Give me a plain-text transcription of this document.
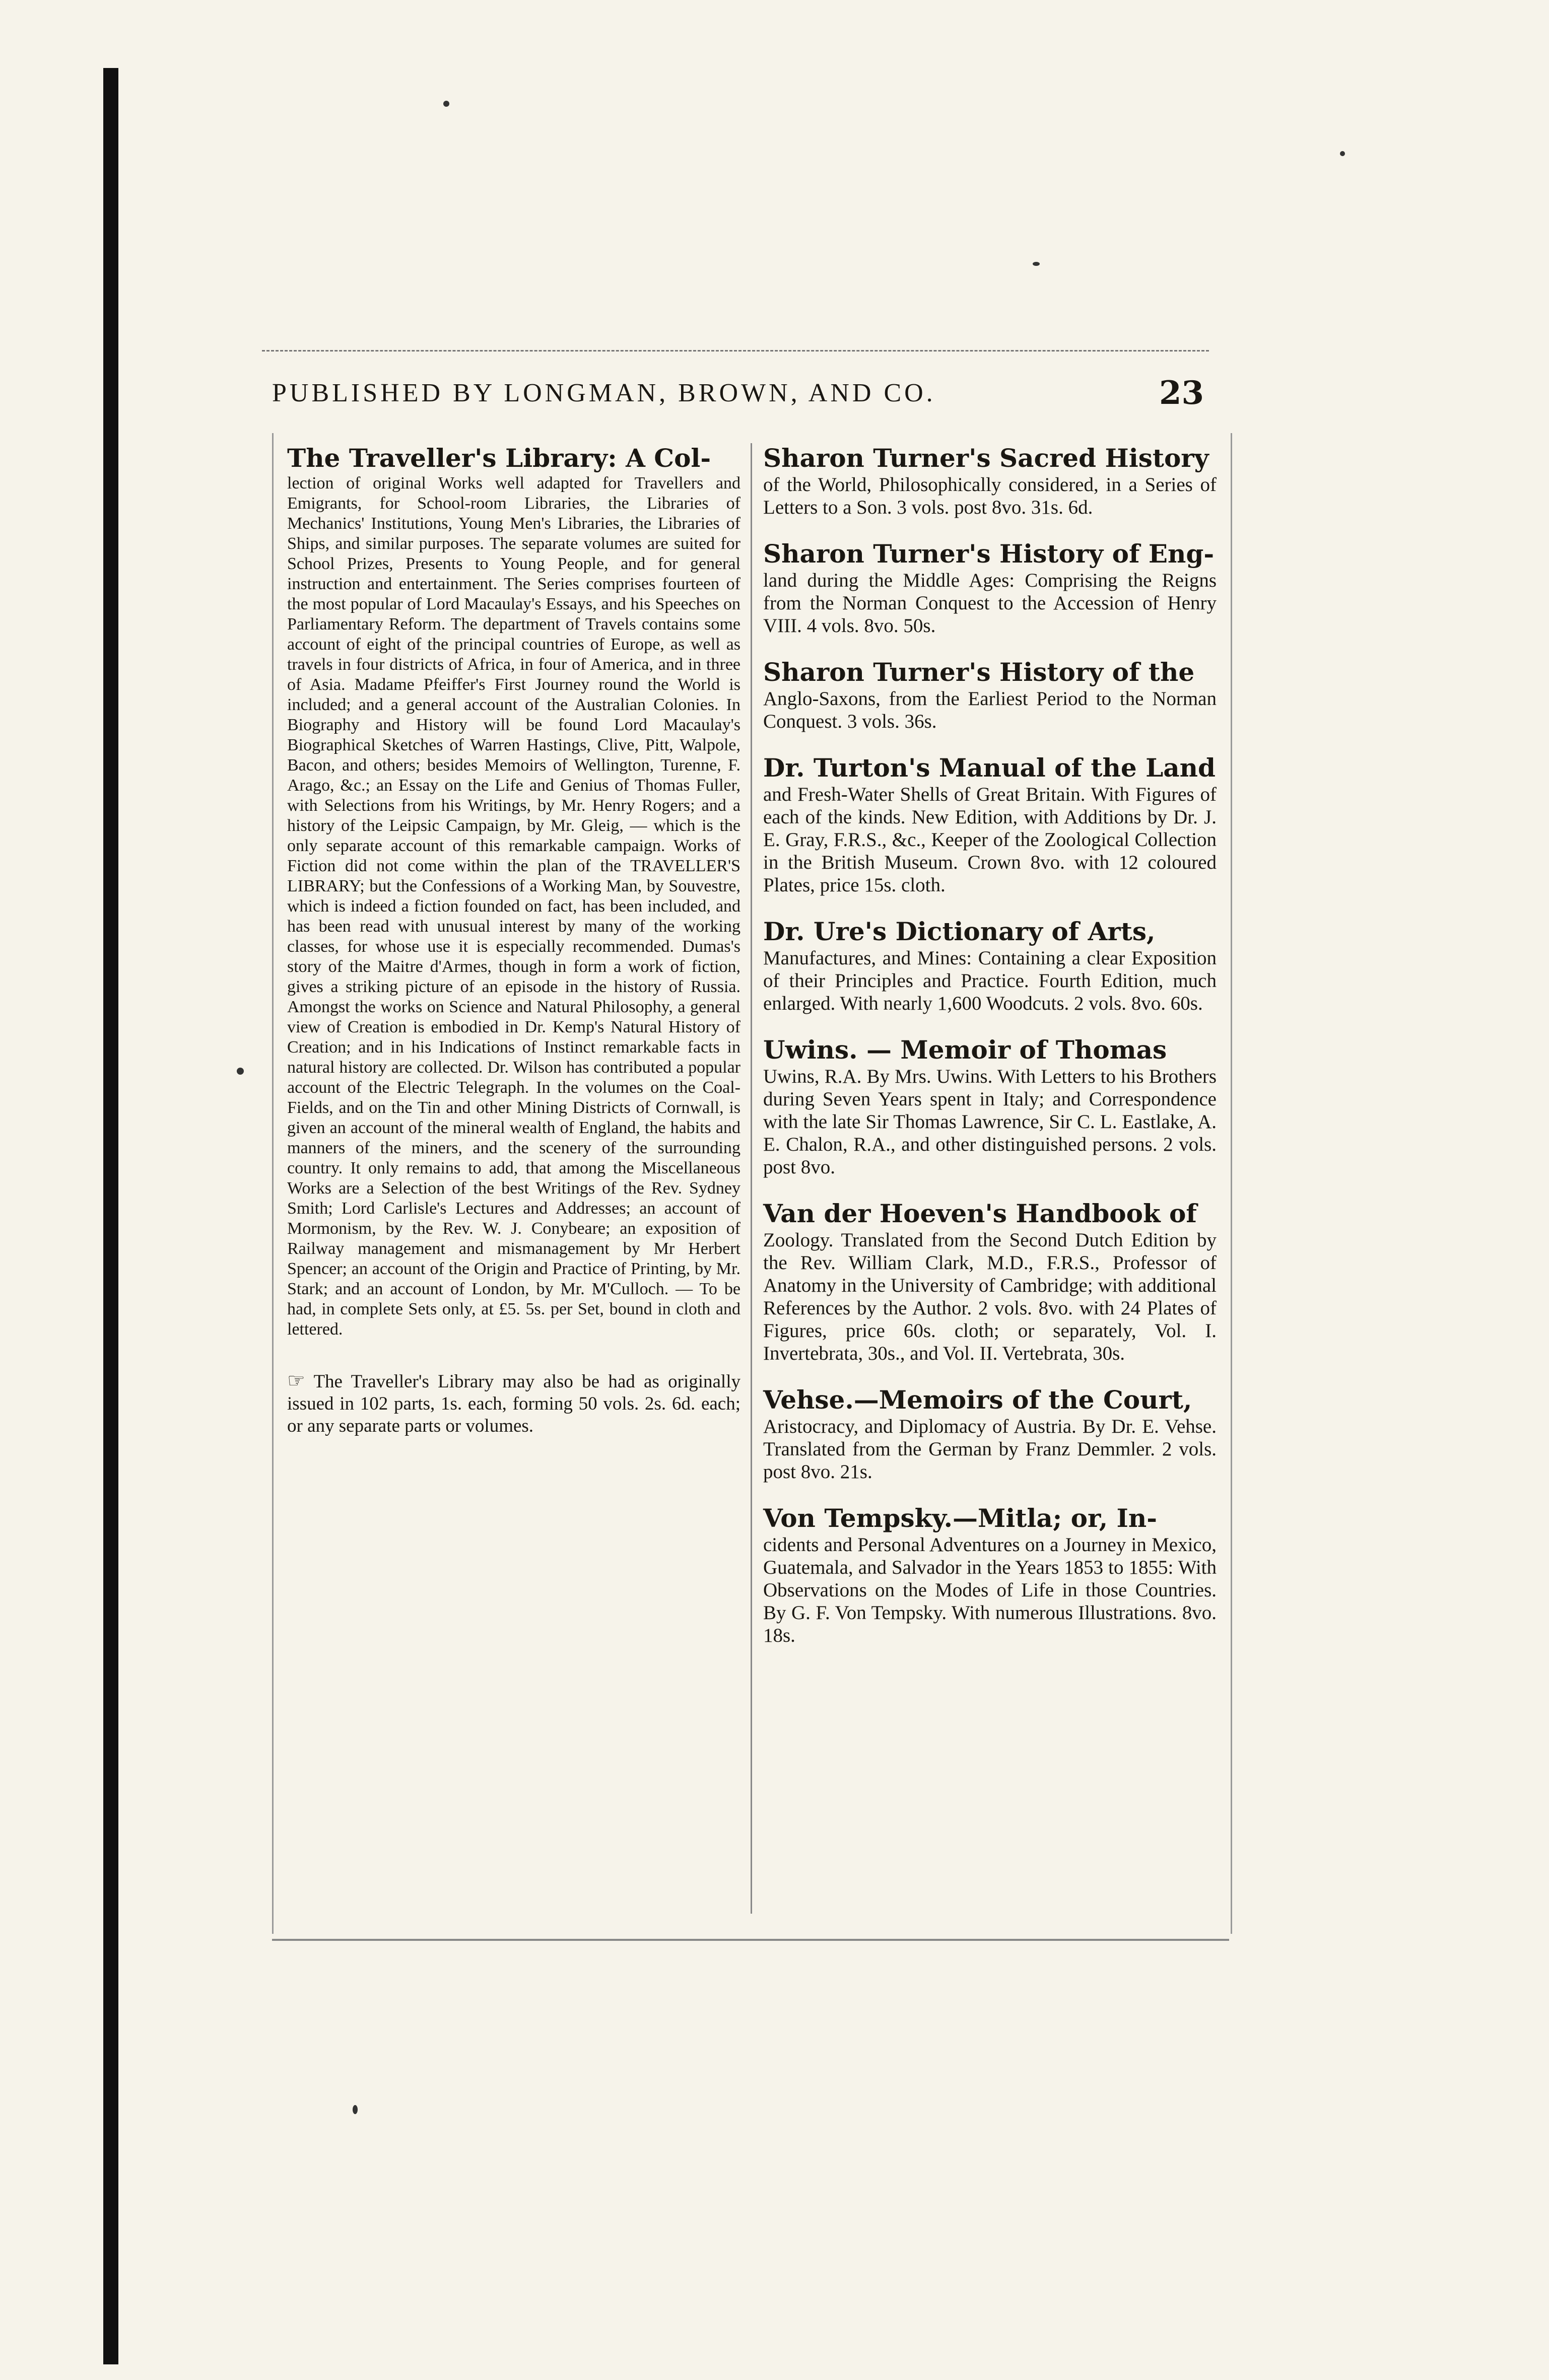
PUBLISHED BY LONGMAN, BROWN, AND CO.	23
The Traveller's Library: A Col-
lection of original Works well adapted for Travellers and Emigrants, for School-room Libraries, the Libraries of Mechanics' Institutions, Young Men's Libraries, the Libraries of Ships, and similar purposes. The separate volumes are suited for School Prizes, Presents to Young People, and for general instruction and entertainment. The Series comprises fourteen of the most popular of Lord Macaulay's Essays, and his Speeches on Parliamentary Reform. The department of Travels contains some account of eight of the principal countries of Europe, as well as travels in four districts of Africa, in four of America, and in three of Asia. Madame Pfeiffer's First Journey round the World is included; and a general account of the Australian Colonies. In Biography and History will be found Lord Macaulay's Biographical Sketches of Warren Hastings, Clive, Pitt, Walpole, Bacon, and others; besides Memoirs of Wellington, Turenne, F. Arago, &c.; an Essay on the Life and Genius of Thomas Fuller, with Selections from his Writings, by Mr. Henry Rogers; and a history of the Leipsic Campaign, by Mr. Gleig, — which is the only separate account of this remarkable campaign. Works of Fiction did not come within the plan of the TRAVELLER'S LIBRARY; but the Confessions of a Working Man, by Souvestre, which is indeed a fiction founded on fact, has been included, and has been read with unusual interest by many of the working classes, for whose use it is especially recommended. Dumas's story of the Maitre d'Armes, though in form a work of fiction, gives a striking picture of an episode in the history of Russia. Amongst the works on Science and Natural Philosophy, a general view of Creation is embodied in Dr. Kemp's Natural History of Creation; and in his Indications of Instinct remarkable facts in natural history are collected. Dr. Wilson has contributed a popular account of the Electric Telegraph. In the volumes on the Coal-Fields, and on the Tin and other Mining Districts of Cornwall, is given an account of the mineral wealth of England, the habits and manners of the miners, and the scenery of the surrounding country. It only remains to add, that among the Miscellaneous Works are a Selection of the best Writings of the Rev. Sydney Smith; Lord Carlisle's Lectures and Addresses; an account of Mormonism, by the Rev. W. J. Conybeare; an exposition of Railway management and mismanagement by Mr Herbert Spencer; an account of the Origin and Practice of Printing, by Mr. Stark; and an account of London, by Mr. M'Culloch. — To be had, in complete Sets only, at £5. 5s. per Set, bound in cloth and lettered.
☞ The Traveller's Library may also be had as originally issued in 102 parts, 1s. each, forming 50 vols. 2s. 6d. each; or any separate parts or volumes.
Sharon Turner's Sacred History
of the World, Philosophically considered, in a Series of Letters to a Son. 3 vols. post 8vo. 31s. 6d.
Sharon Turner's History of Eng-
land during the Middle Ages: Comprising the Reigns from the Norman Conquest to the Accession of Henry VIII. 4 vols. 8vo. 50s.
Sharon Turner's History of the
Anglo-Saxons, from the Earliest Period to the Norman Conquest. 3 vols. 36s.
Dr. Turton's Manual of the Land
and Fresh-Water Shells of Great Britain. With Figures of each of the kinds. New Edition, with Additions by Dr. J. E. Gray, F.R.S., &c., Keeper of the Zoological Collection in the British Museum. Crown 8vo. with 12 coloured Plates, price 15s. cloth.
Dr. Ure's Dictionary of Arts,
Manufactures, and Mines: Containing a clear Exposition of their Principles and Practice. Fourth Edition, much enlarged. With nearly 1,600 Woodcuts. 2 vols. 8vo. 60s.
Uwins. — Memoir of Thomas
Uwins, R.A. By Mrs. Uwins. With Letters to his Brothers during Seven Years spent in Italy; and Correspondence with the late Sir Thomas Lawrence, Sir C. L. Eastlake, A. E. Chalon, R.A., and other distinguished persons. 2 vols. post 8vo.
Van der Hoeven's Handbook of
Zoology. Translated from the Second Dutch Edition by the Rev. William Clark, M.D., F.R.S., Professor of Anatomy in the University of Cambridge; with additional References by the Author. 2 vols. 8vo. with 24 Plates of Figures, price 60s. cloth; or separately, Vol. I. Invertebrata, 30s., and Vol. II. Vertebrata, 30s.
Vehse.—Memoirs of the Court,
Aristocracy, and Diplomacy of Austria. By Dr. E. Vehse. Translated from the German by Franz Demmler. 2 vols. post 8vo. 21s.
Von Tempsky.—Mitla; or, In-
cidents and Personal Adventures on a Journey in Mexico, Guatemala, and Salvador in the Years 1853 to 1855: With Observations on the Modes of Life in those Countries. By G. F. Von Tempsky. With numerous Illustrations. 8vo. 18s.
